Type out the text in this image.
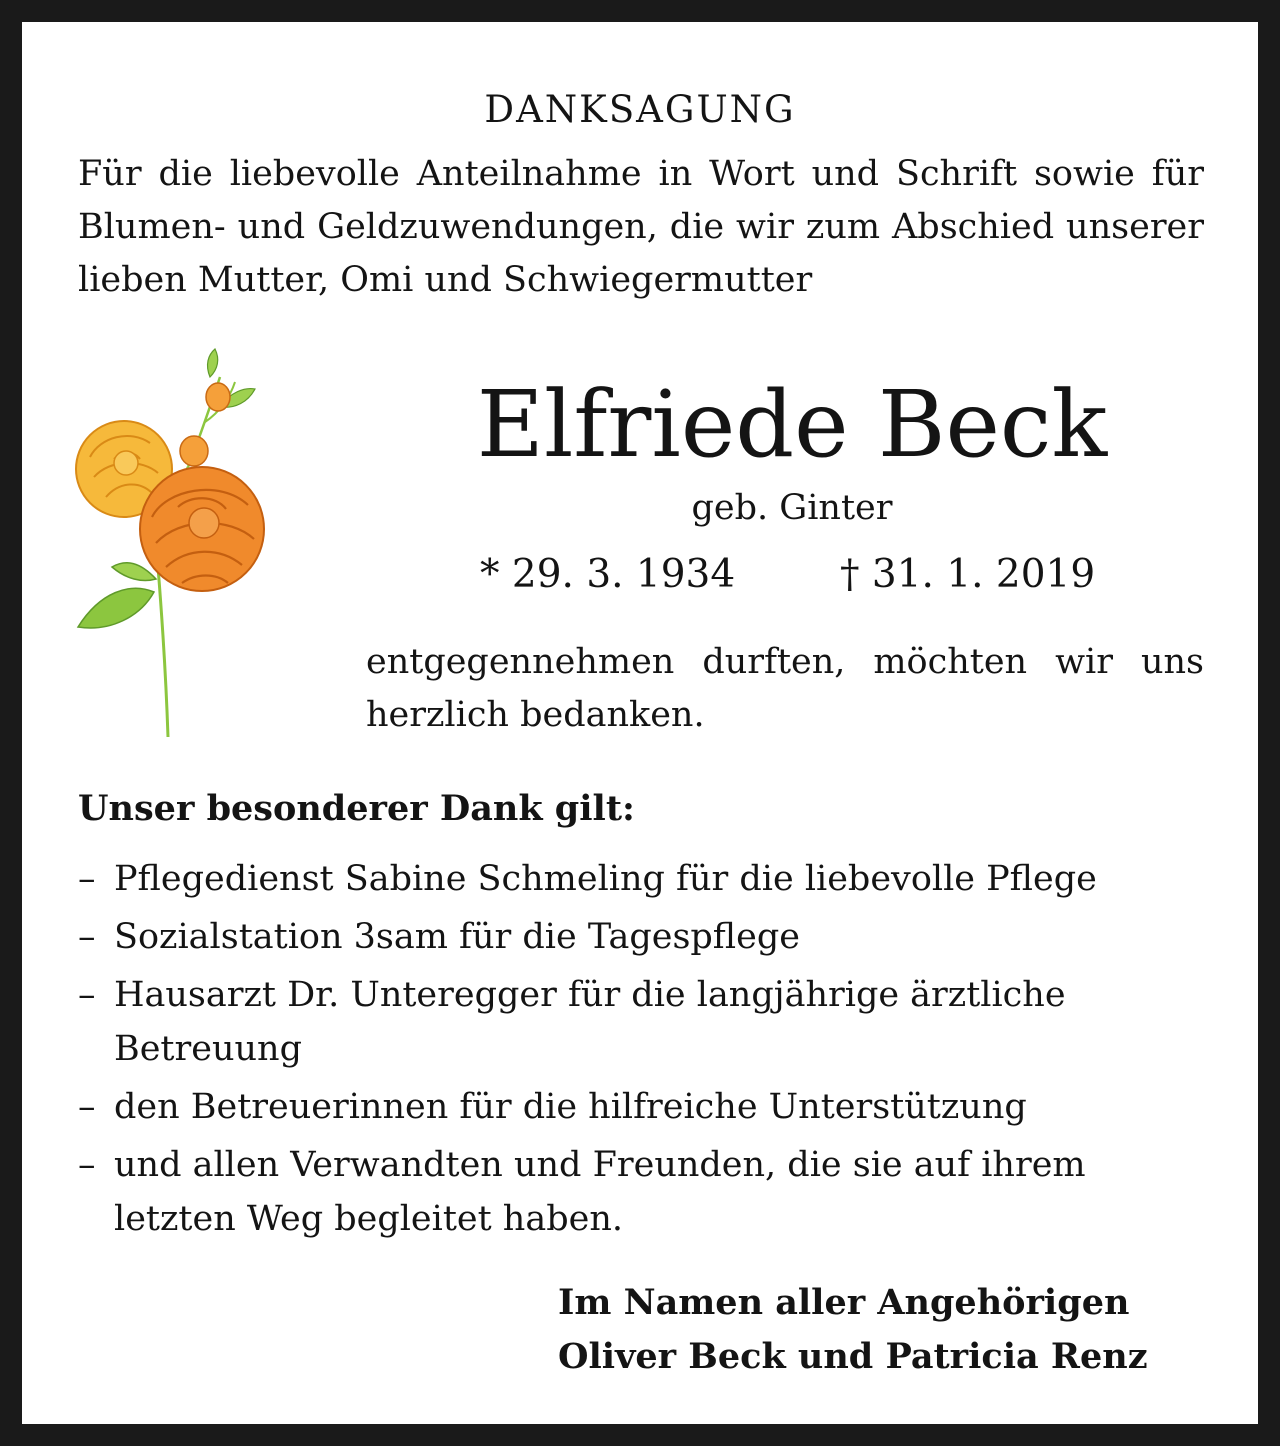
DANKSAGUNG
Für die liebevolle Anteilnahme in Wort und Schrift sowie für Blumen- und Geldzuwendungen, die wir zum Abschied unserer lieben Mutter, Omi und Schwiegermutter
Elfriede Beck
geb. Ginter
* 29. 3. 1934	† 31. 1. 2019
entgegennehmen durften, möchten wir uns herzlich bedanken.
Unser besonderer Dank gilt:
– Pflegedienst Sabine Schmeling für die liebevolle Pflege
– Sozialstation 3sam für die Tagespflege
– Hausarzt Dr. Unteregger für die langjährige ärztliche Betreuung
– den Betreuerinnen für die hilfreiche Unterstützung
– und allen Verwandten und Freunden, die sie auf ihrem letzten Weg begleitet haben.
Im Namen aller Angehörigen
Oliver Beck und Patricia Renz
